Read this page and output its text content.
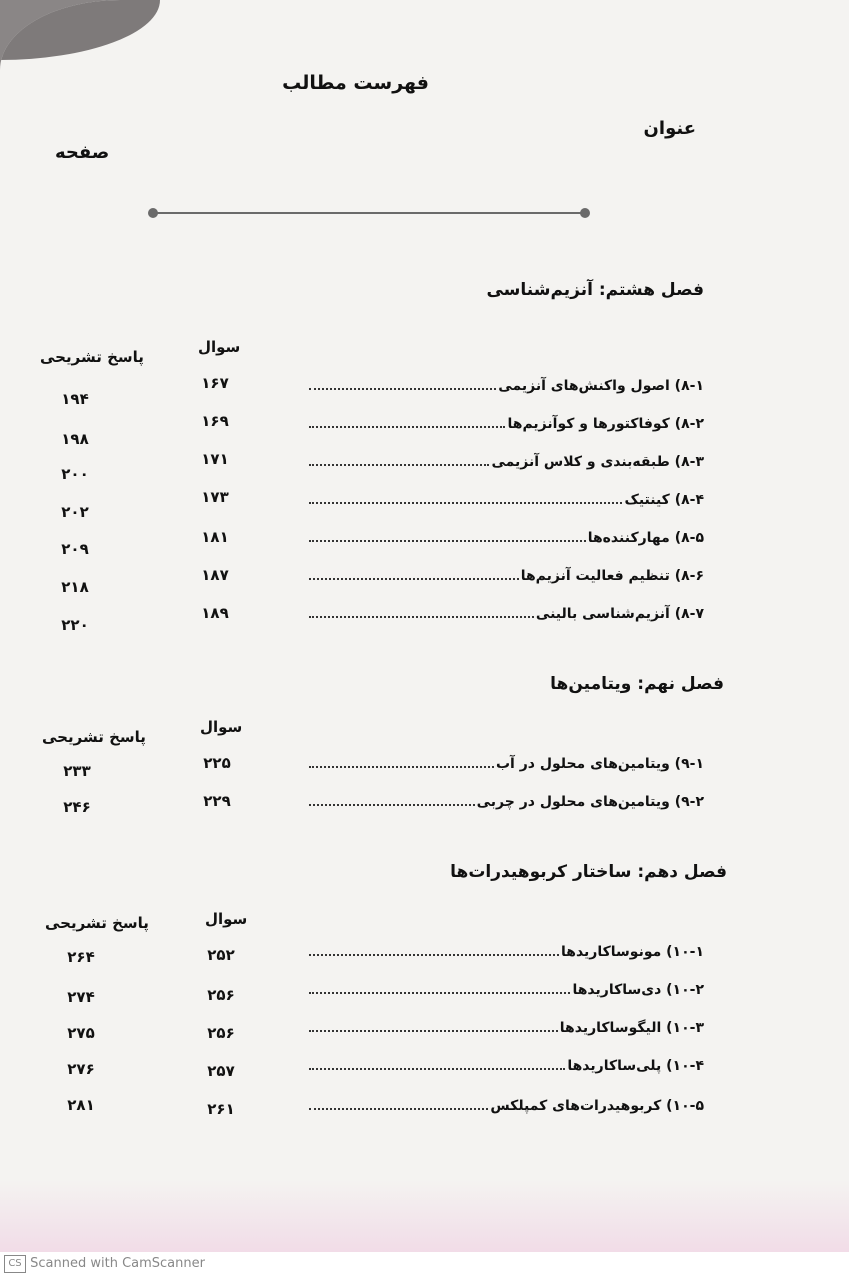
فهرست مطالب
عنوان
صفحه
فصل هشتم: آنزیم‌شناسی
سوال
پاسخ تشریحی
۸-۱) اصول واکنش‌های آنزیمی
۱۶۷
۱۹۴
۸-۲) کوفاکتورها و کوآنزیم‌ها
۱۶۹
۱۹۸
۸-۳) طبقه‌بندی و کلاس آنزیمی
۱۷۱
۲۰۰
۸-۴) کینتیک
۱۷۳
۲۰۲
۸-۵) مهارکننده‌ها
۱۸۱
۲۰۹
۸-۶) تنظیم فعالیت آنزیم‌ها
۱۸۷
۲۱۸
۸-۷) آنزیم‌شناسی بالینی
۱۸۹
۲۲۰
فصل نهم: ویتامین‌ها
سوال
پاسخ تشریحی
۹-۱) ویتامین‌های محلول در آب
۲۲۵
۲۳۳
۹-۲) ویتامین‌های محلول در چربی
۲۲۹
۲۴۶
فصل دهم: ساختار کربوهیدرات‌ها
سوال
پاسخ تشریحی
۱۰-۱) مونوساکاریدها
۲۵۲
۲۶۴
۱۰-۲) دی‌ساکاریدها
۲۵۶
۲۷۴
۱۰-۳) الیگوساکاریدها
۲۵۶
۲۷۵
۱۰-۴) پلی‌ساکاریدها
۲۵۷
۲۷۶
۱۰-۵) کربوهیدرات‌های کمپلکس
۲۶۱
۲۸۱
CS Scanned with CamScanner
